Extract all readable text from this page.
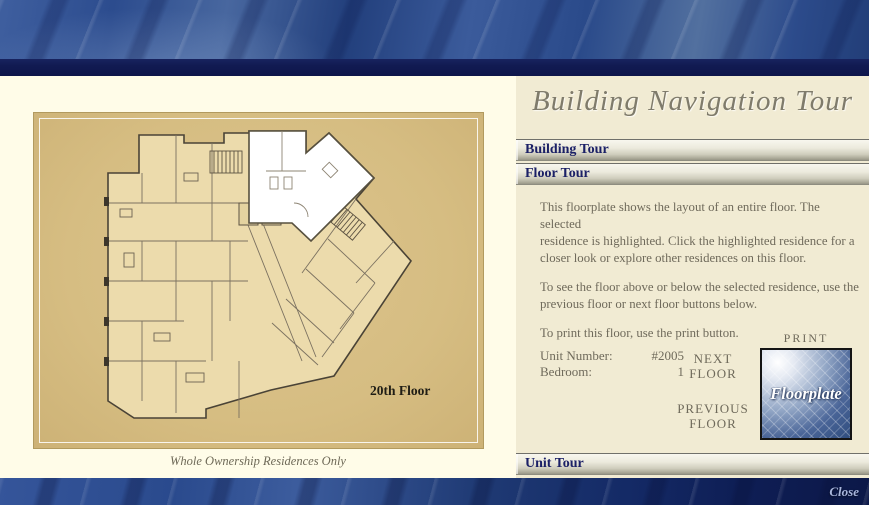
20th Floor
Whole Ownership Residences Only
Building Navigation Tour
Building Tour
Floor Tour

This floorplate shows the layout of an entire floor. The selected
residence is highlighted. Click the highlighted residence for a
closer look or explore other residences on this floor.

To see the floor above or below the selected residence, use the
previous floor or next floor buttons below.

To print this floor, use the print button.

Unit Number:	#2005
Bedroom:	1
NEXT FLOOR
PREVIOUS FLOOR
PRINT
Floorplate
Unit Tour
Close
